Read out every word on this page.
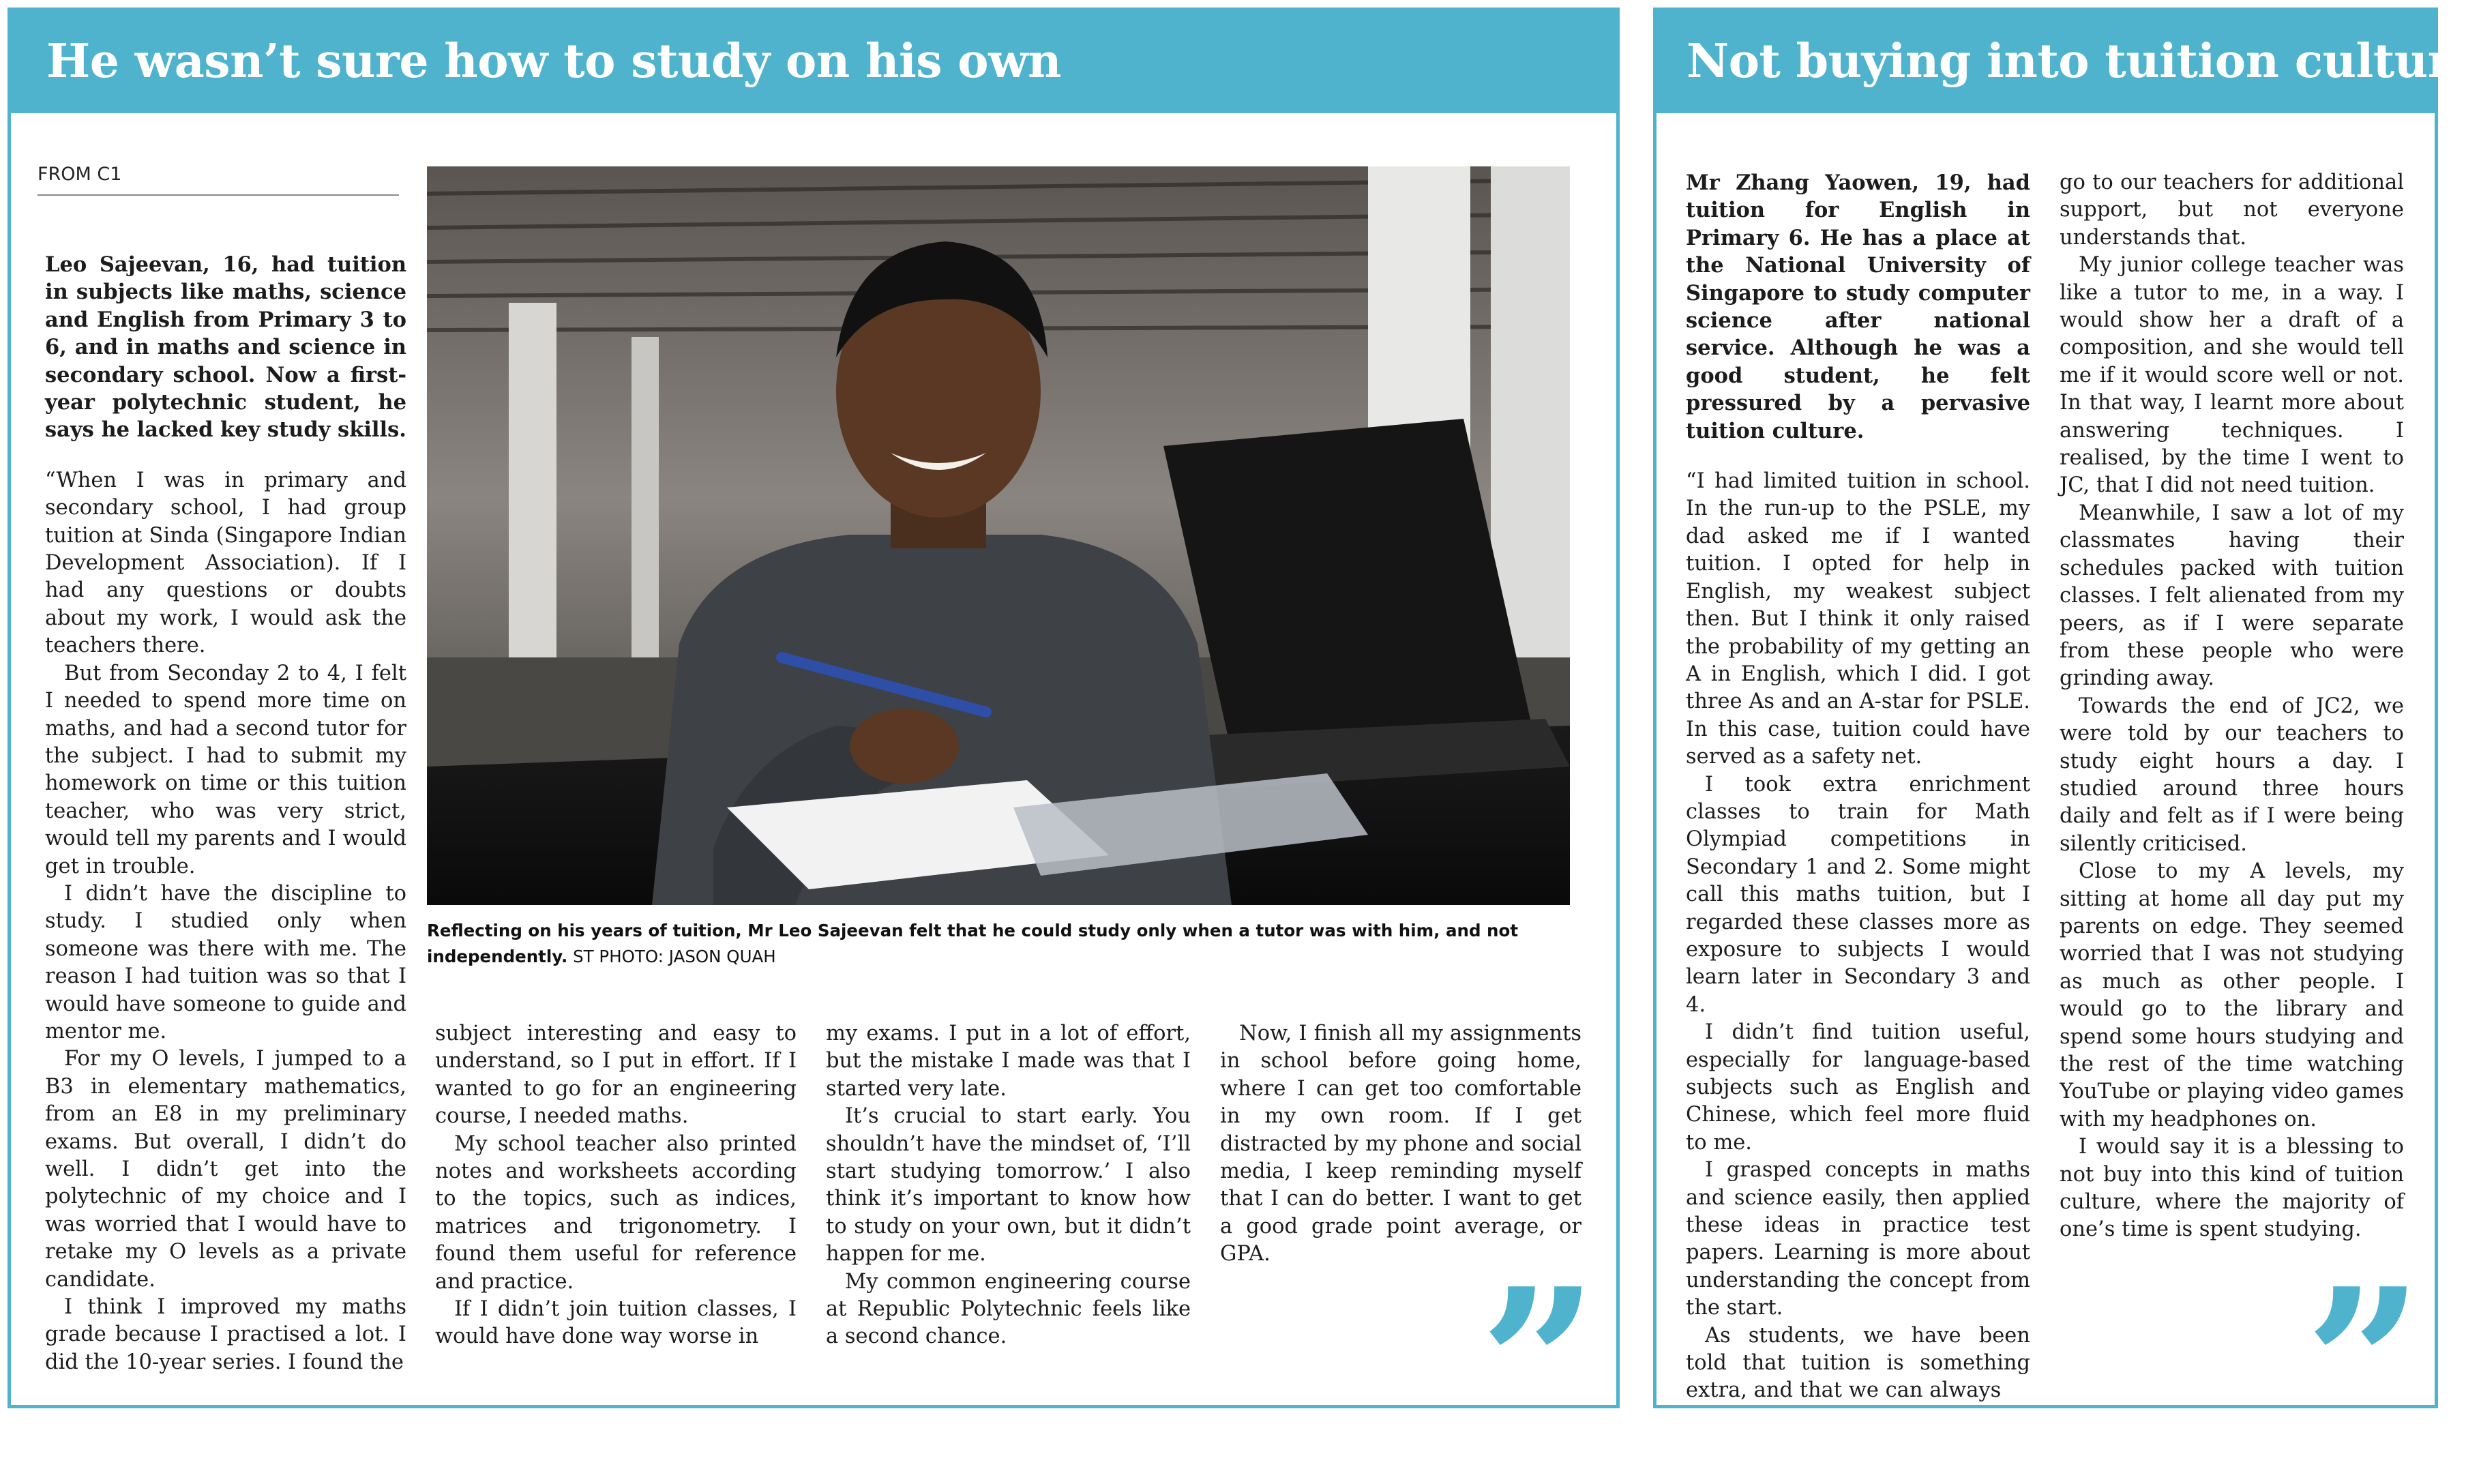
He wasn’t sure how to study on his own
FROM C1
Leo Sajeevan, 16, had tuition in subjects like maths, science and English from Primary 3 to 6, and in maths and science in secondary school. Now a first-year polytechnic student, he says he lacked key study skills.

“When I was in primary and secondary school, I had group tuition at Sinda (Singapore Indian Development Association). If I had any questions or doubts about my work, I would ask the teachers there.

But from Seconday 2 to 4, I felt I needed to spend more time on maths, and had a second tutor for the subject. I had to submit my homework on time or this tuition teacher, who was very strict, would tell my parents and I would get in trouble.

I didn’t have the discipline to study. I studied only when someone was there with me. The reason I had tuition was so that I would have someone to guide and mentor me.

For my O levels, I jumped to a B3 in elementary mathematics, from an E8 in my preliminary exams. But overall, I didn’t do well. I didn’t get into the polytechnic of my choice and I was worried that I would have to retake my O levels as a private candidate.

I think I improved my maths grade because I practised a lot. I did the 10-year series. I found the

Reflecting on his years of tuition, Mr Leo Sajeevan felt that he could study only when a tutor was with him, and not independently. ST PHOTO: JASON QUAH

subject interesting and easy to understand, so I put in effort. If I wanted to go for an engineering course, I needed maths.

My school teacher also printed notes and worksheets according to the topics, such as indices, matrices and trigonometry. I found them useful for reference and practice.

If I didn’t join tuition classes, I would have done way worse in

my exams. I put in a lot of effort, but the mistake I made was that I started very late.

It’s crucial to start early. You shouldn’t have the mindset of, ‘I’ll start studying tomorrow.’ I also think it’s important to know how to study on your own, but it didn’t happen for me.

My common engineering course at Republic Polytechnic feels like a second chance.

Now, I finish all my assignments in school before going home, where I can get too comfortable in my own room. If I get distracted by my phone and social media, I keep reminding myself that I can do better. I want to get a good grade point average, or GPA.	”
Not buying into tuition culture
Mr Zhang Yaowen, 19, had tuition for English in Primary 6. He has a place at the National University of Singapore to study computer science after national service. Although he was a good student, he felt pressured by a pervasive tuition culture.

“I had limited tuition in school. In the run-up to the PSLE, my dad asked me if I wanted tuition. I opted for help in English, my weakest subject then. But I think it only raised the probability of my getting an A in English, which I did. I got three As and an A-star for PSLE. In this case, tuition could have served as a safety net.

I took extra enrichment classes to train for Math Olympiad competitions in Secondary 1 and 2. Some might call this maths tuition, but I regarded these classes more as exposure to subjects I would learn later in Secondary 3 and 4.

I didn’t find tuition useful, especially for language-based subjects such as English and Chinese, which feel more fluid to me.

I grasped concepts in maths and science easily, then applied these ideas in practice test papers. Learning is more about understanding the concept from the start.

As students, we have been told that tuition is something extra, and that we can always

go to our teachers for additional support, but not everyone understands that.

My junior college teacher was like a tutor to me, in a way. I would show her a draft of a composition, and she would tell me if it would score well or not. In that way, I learnt more about answering techniques. I realised, by the time I went to JC, that I did not need tuition.

Meanwhile, I saw a lot of my classmates having their schedules packed with tuition classes. I felt alienated from my peers, as if I were separate from these people who were grinding away.

Towards the end of JC2, we were told by our teachers to study eight hours a day. I studied around three hours daily and felt as if I were being silently criticised.

Close to my A levels, my sitting at home all day put my parents on edge. They seemed worried that I was not studying as much as other people. I would go to the library and spend some hours studying and the rest of the time watching YouTube or playing video games with my headphones on.

I would say it is a blessing to not buy into this kind of tuition culture, where the majority of one’s time is spent studying.

”
